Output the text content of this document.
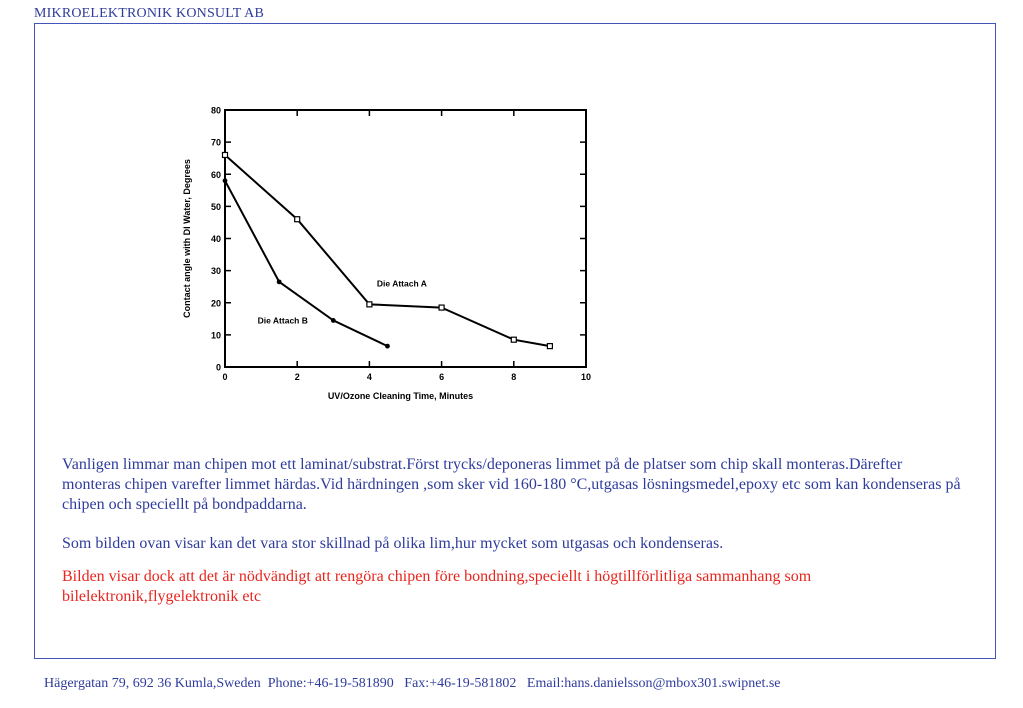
MIKROELEKTRONIK KONSULT AB
0
10
20
30
40
50
60
70
80
0	2	4	6	8	10
UV/Ozone Cleaning Time, Minutes
Contact angle with DI Water, Degrees	Die Attach A
Die Attach B

Vanligen limmar man chipen mot ett laminat/substrat.Först trycks/deponeras limmet på de platser som chip skall monteras.Därefter monteras chipen varefter limmet härdas.Vid härdningen ,som sker vid 160-180 °C,utgasas lösningsmedel,epoxy etc som kan kondenseras på chipen och speciellt på bondpaddarna.

Som bilden ovan visar kan det vara stor skillnad på olika lim,hur mycket som utgasas och kondenseras.

Bilden visar dock att det är nödvändigt att rengöra chipen före bondning,speciellt i högtillförlitliga sammanhang som bilelektronik,flygelektronik etc

Hägergatan 79, 692 36 Kumla,Sweden  Phone:+46-19-581890   Fax:+46-19-581802   Email:hans.danielsson@mbox301.swipnet.se
